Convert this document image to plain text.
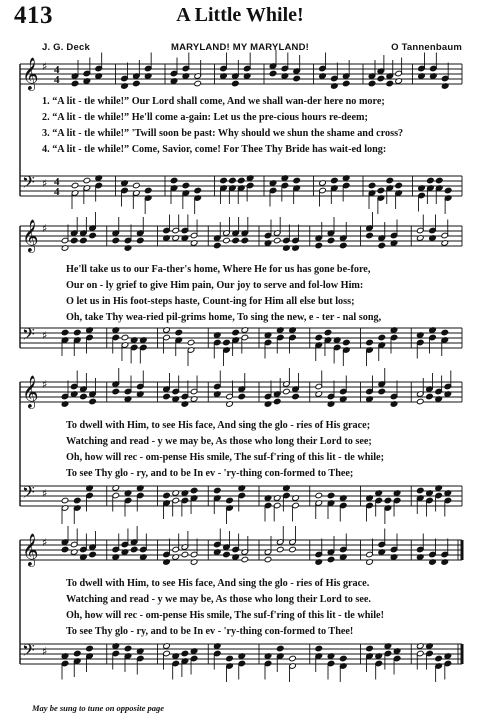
413	A Little While!
J. G. Deck	MARYLAND! MY MARYLAND!	O Tannenbaum
𝄞 ♯ 4
4
𝄢 ♯ 4
4
1. “A lit - tle while!” Our Lord shall come, And we shall wan-der here no more;
2. “A lit - tle while!” He'll come a-gain: Let us the pre-cious hours re-deem;
3. “A lit - tle while!” 'Twill soon be past: Why should we shun the shame and cross?
4. “A lit - tle while!” Come, Savior, come! For Thee Thy Bride has wait-ed long:
𝄞 ♯
𝄢 ♯
He'll take us to our Fa-ther's home, Where He for us has gone be-fore,
Our on - ly grief to give Him pain, Our joy to serve and fol-low Him:
O let us in His foot-steps haste, Count-ing for Him all else but loss;
Oh, take Thy wea-ried pil-grims home, To sing the new, e - ter - nal song,
𝄞 ♯
𝄢 ♯
To dwell with Him, to see His face, And sing the glo - ries of His grace;
Watching and read - y we may be, As those who long their Lord to see;
Oh, how will rec - om-pense His smile, The suf-f'ring of this lit - tle while;
To see Thy glo - ry, and to be In ev - 'ry-thing con-formed to Thee;
𝄞 ♯
𝄢 ♯
To dwell with Him, to see His face, And sing the glo - ries of His grace.
Watching and read - y we may be, As those who long their Lord to see.
Oh, how will rec - om-pense His smile, The suf-f'ring of this lit - tle while!
To see Thy glo - ry, and to be In ev - 'ry-thing con-formed to Thee!
May be sung to tune on opposite page
